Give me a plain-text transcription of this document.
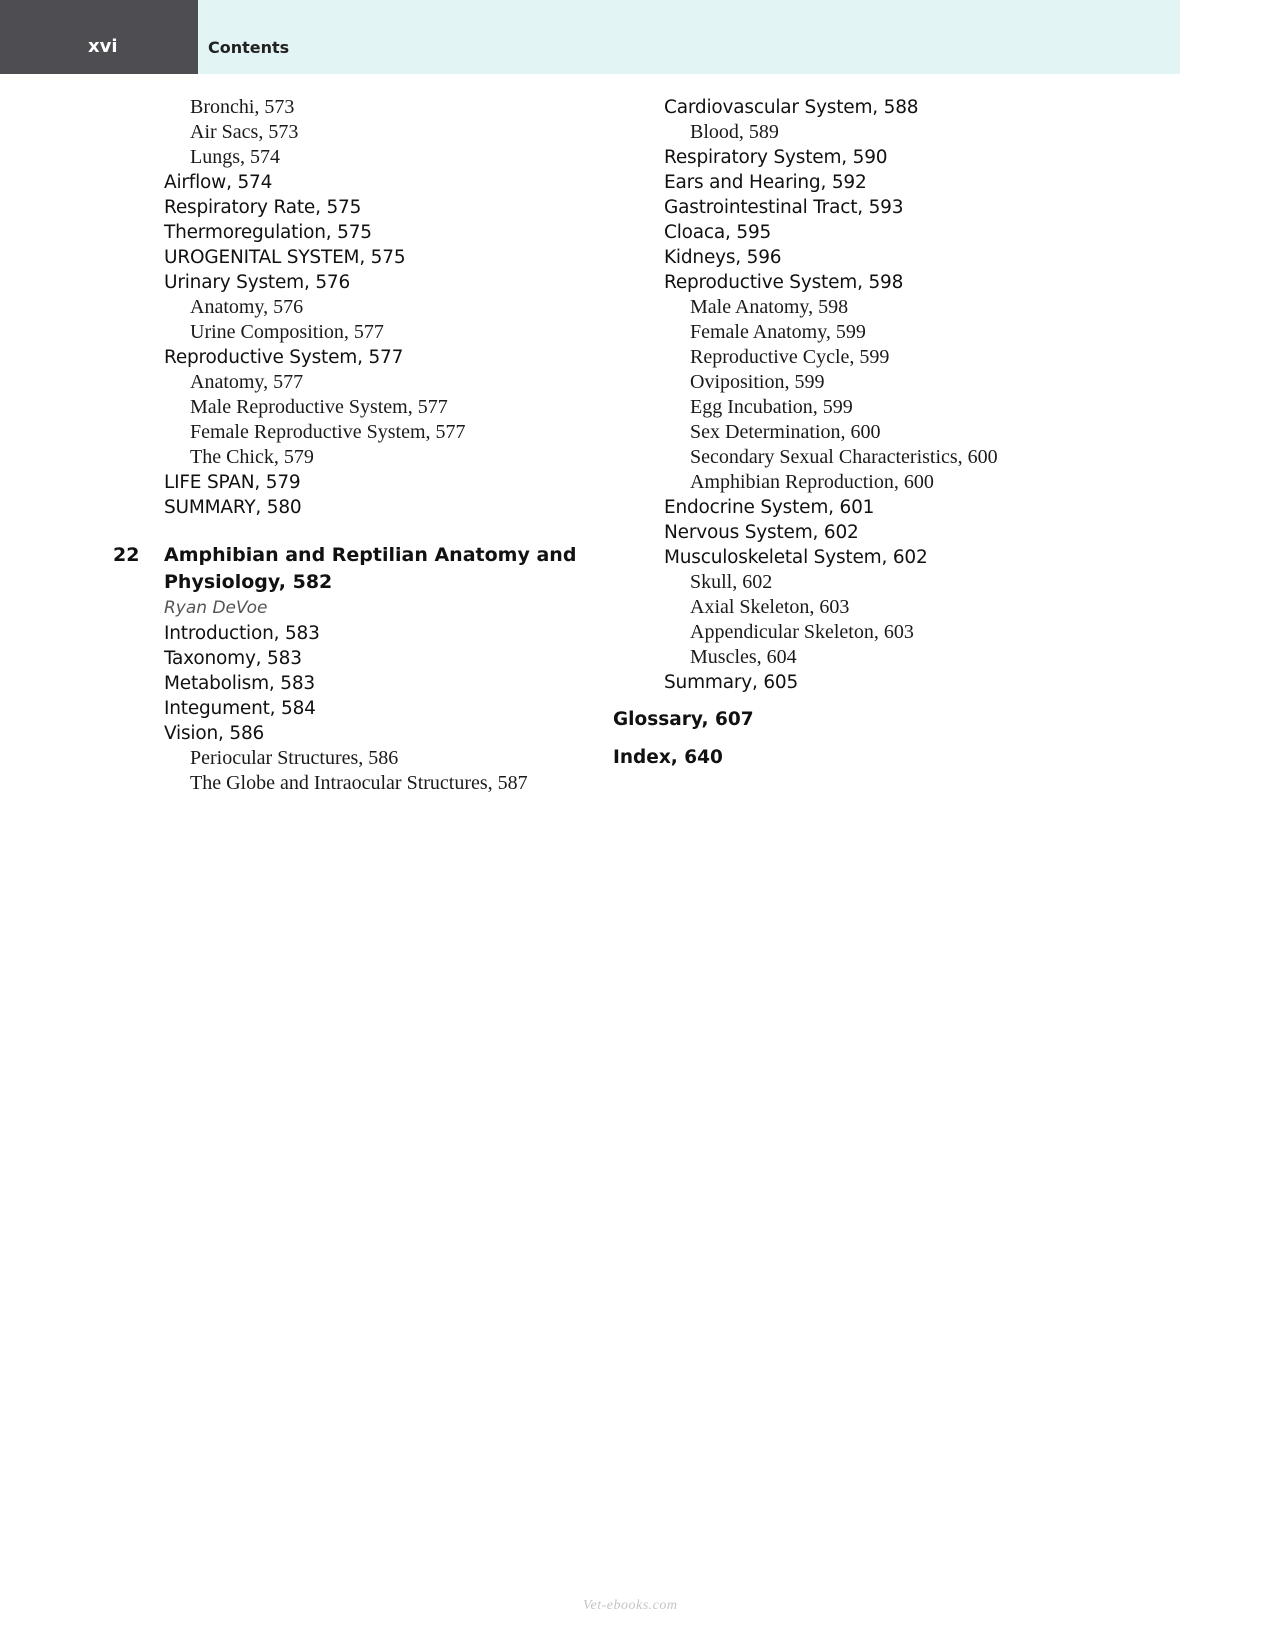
xvi	Contents
Bronchi, 573
Air Sacs, 573
Lungs, 574
Airflow, 574
Respiratory Rate, 575
Thermoregulation, 575
UROGENITAL SYSTEM, 575
Urinary System, 576
Anatomy, 576
Urine Composition, 577
Reproductive System, 577
Anatomy, 577
Male Reproductive System, 577
Female Reproductive System, 577
The Chick, 579
LIFE SPAN, 579
SUMMARY, 580
22 Amphibian and Reptilian Anatomy and Physiology, 582
Ryan DeVoe
Introduction, 583
Taxonomy, 583
Metabolism, 583
Integument, 584
Vision, 586
Periocular Structures, 586
The Globe and Intraocular Structures, 587
Cardiovascular System, 588
Blood, 589
Respiratory System, 590
Ears and Hearing, 592
Gastrointestinal Tract, 593
Cloaca, 595
Kidneys, 596
Reproductive System, 598
Male Anatomy, 598
Female Anatomy, 599
Reproductive Cycle, 599
Oviposition, 599
Egg Incubation, 599
Sex Determination, 600
Secondary Sexual Characteristics, 600
Amphibian Reproduction, 600
Endocrine System, 601
Nervous System, 602
Musculoskeletal System, 602
Skull, 602
Axial Skeleton, 603
Appendicular Skeleton, 603
Muscles, 604
Summary, 605
Glossary, 607
Index, 640
Vet-ebooks.com
